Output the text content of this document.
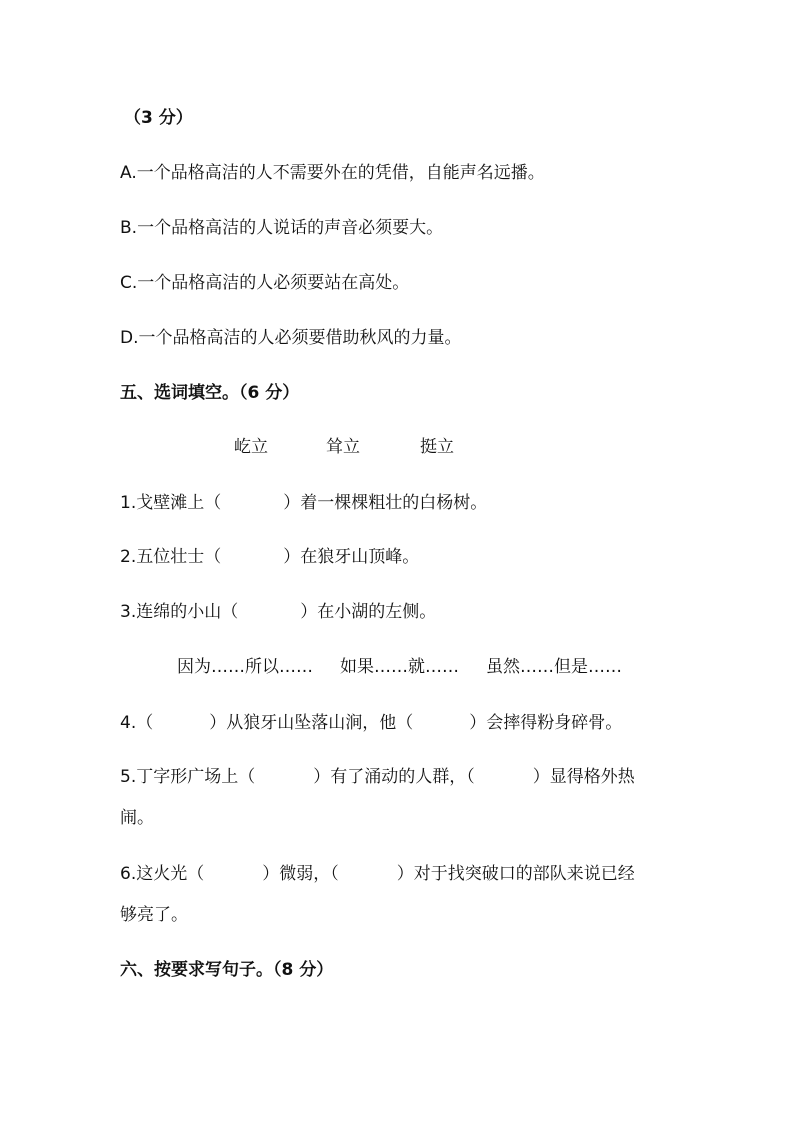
（3 分）
A.一个品格高洁的人不需要外在的凭借，自能声名远播。
B.一个品格高洁的人说话的声音必须要大。
C.一个品格高洁的人必须要站在高处。
D.一个品格高洁的人必须要借助秋风的力量。
五、选词填空。（6 分）
屹立	耸立	挺立
1.戈壁滩上（	）着一棵棵粗壮的白杨树。
2.五位壮士（	）在狼牙山顶峰。
3.连绵的小山（	）在小湖的左侧。
因为……所以…… 如果……就…… 虽然……但是……
4.（	）从狼牙山坠落山涧，他（	）会摔得粉身碎骨。
5.丁字形广场上（	）有了涌动的人群，（	）显得格外热
闹。
6.这火光（	）微弱，（	）对于找突破口的部队来说已经
够亮了。
六、按要求写句子。（8 分）
